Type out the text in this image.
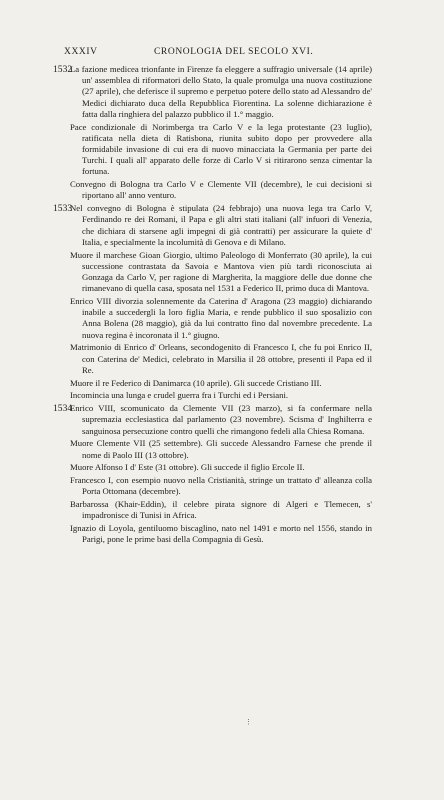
XXXIV	CRONOLOGIA DEL SECOLO XVI.
1532

La fazione medicea trionfante in Firenze fa eleggere a suffragio universale (14 aprile) un' assemblea di riformatori dello Stato, la quale promulga una nuova costituzione (27 aprile), che deferisce il supremo e perpetuo potere dello stato ad Alessandro de' Medici dichiarato duca della Repubblica Fiorentina. La solenne dichiarazione è fatta dalla ringhiera del palazzo pubblico il 1.° maggio.

Pace condizionale di Norimberga tra Carlo V e la lega protestante (23 luglio), ratificata nella dieta di Ratisbona, riunita subito dopo per provvedere alla formidabile invasione di cui era di nuovo minacciata la Germania per parte dei Turchi. I quali all' apparato delle forze di Carlo V si ritirarono senza cimentar la fortuna.

Convegno di Bologna tra Carlo V e Clemente VII (decembre), le cui decisioni si riportano all' anno venturo.

1533

Nel convegno di Bologna è stipulata (24 febbrajo) una nuova lega tra Carlo V, Ferdinando re dei Romani, il Papa e gli altri stati italiani (all' infuori di Venezia, che dichiara di starsene agli impegni di già contratti) per assicurare la quiete d' Italia, e specialmente la incolumità di Genova e di Milano.

Muore il marchese Gioan Giorgio, ultimo Paleologo di Monferrato (30 aprile), la cui successione contrastata da Savoia e Mantova vien più tardi riconosciuta ai Gonzaga da Carlo V, per ragione di Margherita, la maggiore delle due donne che rimanevano di quella casa, sposata nel 1531 a Federico II, primo duca di Mantova.

Enrico VIII divorzia solennemente da Caterina d' Aragona (23 maggio) dichiarando inabile a succedergli la loro figlia Maria, e rende pubblico il suo sposalizio con Anna Bolena (28 maggio), già da lui contratto fino dal novembre precedente. La nuova regina è incoronata il 1.° giugno.

Matrimonio di Enrico d' Orleans, secondogenito di Francesco I, che fu poi Enrico II, con Caterina de' Medici, celebrato in Marsilia il 28 ottobre, presenti il Papa ed il Re.

Muore il re Federico di Danimarca (10 aprile). Gli succede Cristiano III.

Incomincia una lunga e crudel guerra fra i Turchi ed i Persiani.

1534

Enrico VIII, scomunicato da Clemente VII (23 marzo), si fa confermare nella supremazia ecclesiastica dal parlamento (23 novembre). Scisma d' Inghilterra e sanguinosa persecuzione contro quelli che rimangono fedeli alla Chiesa Romana.

Muore Clemente VII (25 settembre). Gli succede Alessandro Farnese che prende il nome di Paolo III (13 ottobre).

Muore Alfonso I d' Este (31 ottobre). Gli succede il figlio Ercole II.

Francesco I, con esempio nuovo nella Cristianità, stringe un trattato d' alleanza colla Porta Ottomana (decembre).

Barbarossa (Khair-Eddin), il celebre pirata signore di Algeri e Tlemecen, s' impadronisce di Tunisi in Africa.

Ignazio di Loyola, gentiluomo biscaglino, nato nel 1491 e morto nel 1556, stando in Parigi, pone le prime basi della Compagnia di Gesù.

⋮
